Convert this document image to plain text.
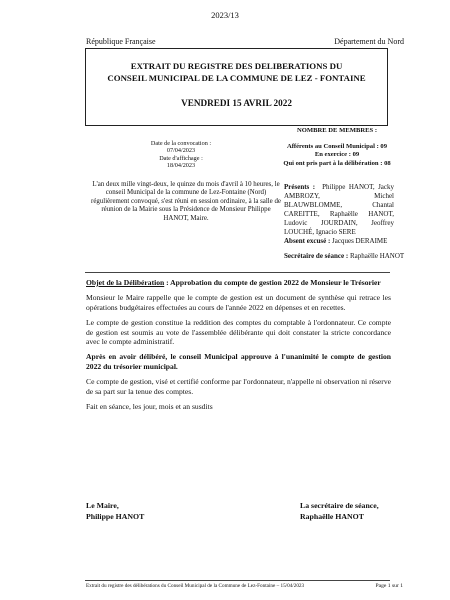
2023/13
République Française	Département du Nord
EXTRAIT DU REGISTRE DES DELIBERATIONS DU
CONSEIL MUNICIPAL DE LA COMMUNE DE LEZ - FONTAINE
VENDREDI 15 AVRIL 2022
Date de la convocation :
07/04/2023
Date d'affichage :
18/04/2023
NOMBRE DE MEMBRES :
Afférents au Conseil Municipal : 09
En exercice : 09
Qui ont pris part à la délibération : 08
L'an deux mille vingt-deux, le quinze du mois d'avril à 10 heures, le conseil Municipal de la commune de Lez-Fontaine (Nord) régulièrement convoqué, s'est réuni en session ordinaire, à la salle de réunion de la Mairie sous la Présidence de Monsieur Philippe HANOT, Maire.
Présents : Philippe HANOT, Jacky AMBROZY, Michel BLAUWBLOMME, Chantal CAREITTE, Raphaëlle HANOT, Ludovic JOURDAIN, Jeoffrey LOUCHÉ, Ignacio SERE
Absent excusé : Jacques DERAIME
Secrétaire de séance : Raphaëlle HANOT

Objet de la Délibération : Approbation du compte de gestion 2022 de Monsieur le Trésorier

Monsieur le Maire rappelle que le compte de gestion est un document de synthèse qui retrace les opérations budgétaires effectuées au cours de l'année 2022 en dépenses et en recettes.

Le compte de gestion constitue la reddition des comptes du comptable à l'ordonnateur. Ce compte de gestion est soumis au vote de l'assemblée délibérante qui doit constater la stricte concordance avec le compte administratif.

Après en avoir délibéré, le conseil Municipal approuve à l'unanimité le compte de gestion 2022 du trésorier municipal.

Ce compte de gestion, visé et certifié conforme par l'ordonnateur, n'appelle ni observation ni réserve de sa part sur la tenue des comptes.

Fait en séance, les jour, mois et an susdits

Le Maire,
Philippe HANOT
La secrétaire de séance,
Raphaëlle HANOT
Extrait du registre des délibérations du Conseil Municipal de la Commune de Lez-Fontaine – 15/04/2023	Page 1 sur 1
